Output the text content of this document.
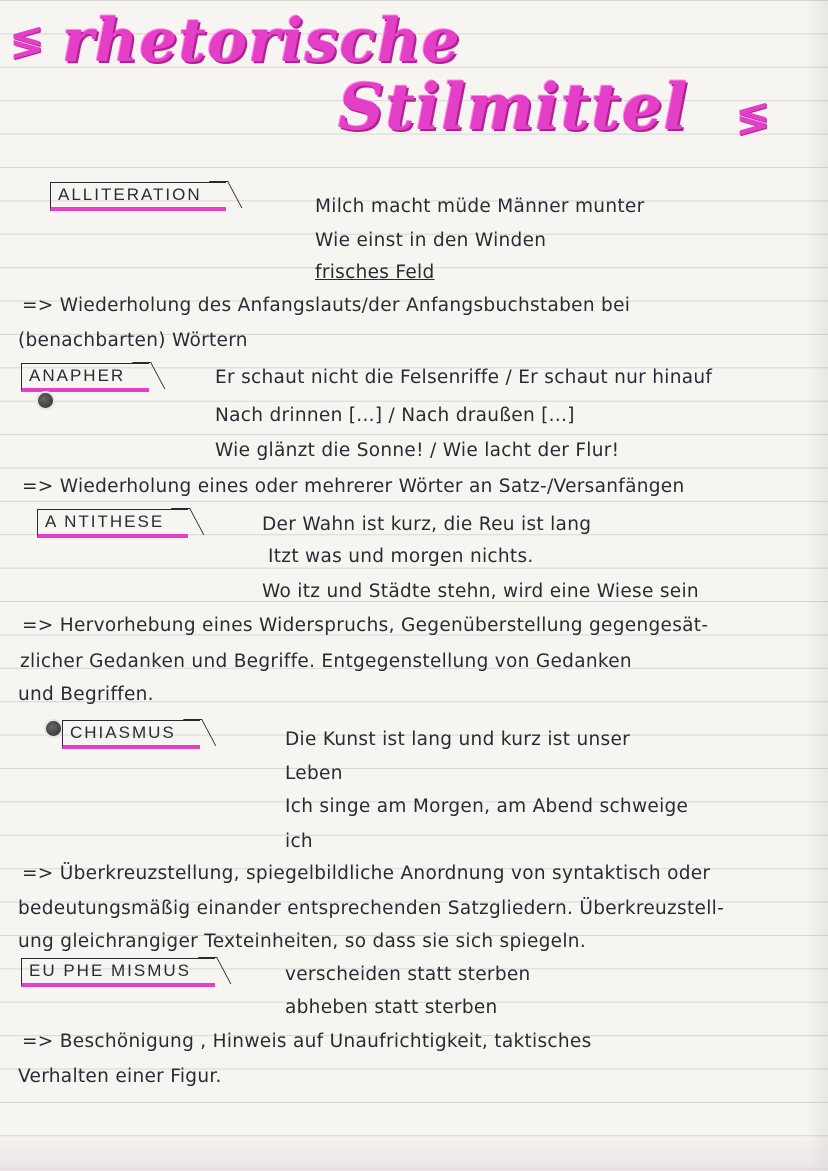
≶ rhetorische
Stilmittel ≶
ALLITERATION

Milch macht müde Männer munter

Wie einst in den Winden

frisches Feld

=> Wiederholung des Anfangslauts/der Anfangsbuchstaben bei

(benachbarten) Wörtern

ANAPHER	Er schaut nicht die Felsenriffe / Er schaut nur hinauf

Nach drinnen [...] / Nach draußen [...]

Wie glänzt die Sonne! / Wie lacht der Flur!

=> Wiederholung eines oder mehrerer Wörter an Satz-/Versanfängen

A NTITHESE	Der Wahn ist kurz, die Reu ist lang

Itzt was und morgen nichts.

Wo itz und Städte stehn, wird eine Wiese sein

=> Hervorhebung eines Widerspruchs, Gegenüberstellung gegengesät-

zlicher Gedanken und Begriffe. Entgegenstellung von Gedanken

und Begriffen.

CHIASMUS	Die Kunst ist lang und kurz ist unser

Leben

Ich singe am Morgen, am Abend schweige

ich

=> Überkreuzstellung, spiegelbildliche Anordnung von syntaktisch oder

bedeutungsmäßig einander entsprechenden Satzgliedern. Überkreuzstell-

ung gleichrangiger Texteinheiten, so dass sie sich spiegeln.

EU PHE MISMUS	verscheiden statt sterben

abheben statt sterben

=> Beschönigung , Hinweis auf Unaufrichtigkeit, taktisches

Verhalten einer Figur.
